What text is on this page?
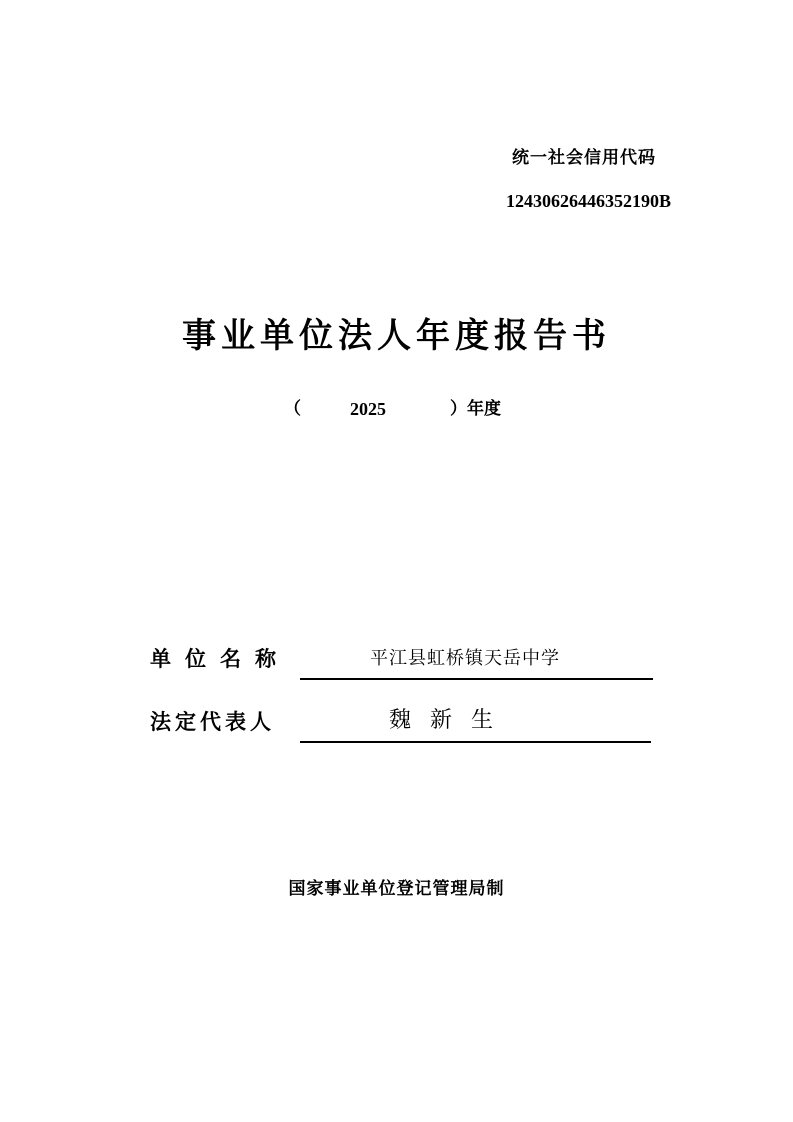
统一社会信用代码
12430626446352190B
事业单位法人年度报告书
（	2025	）年度
单位名称	平江县虹桥镇天岳中学
法定代表人	魏新生
国家事业单位登记管理局制
